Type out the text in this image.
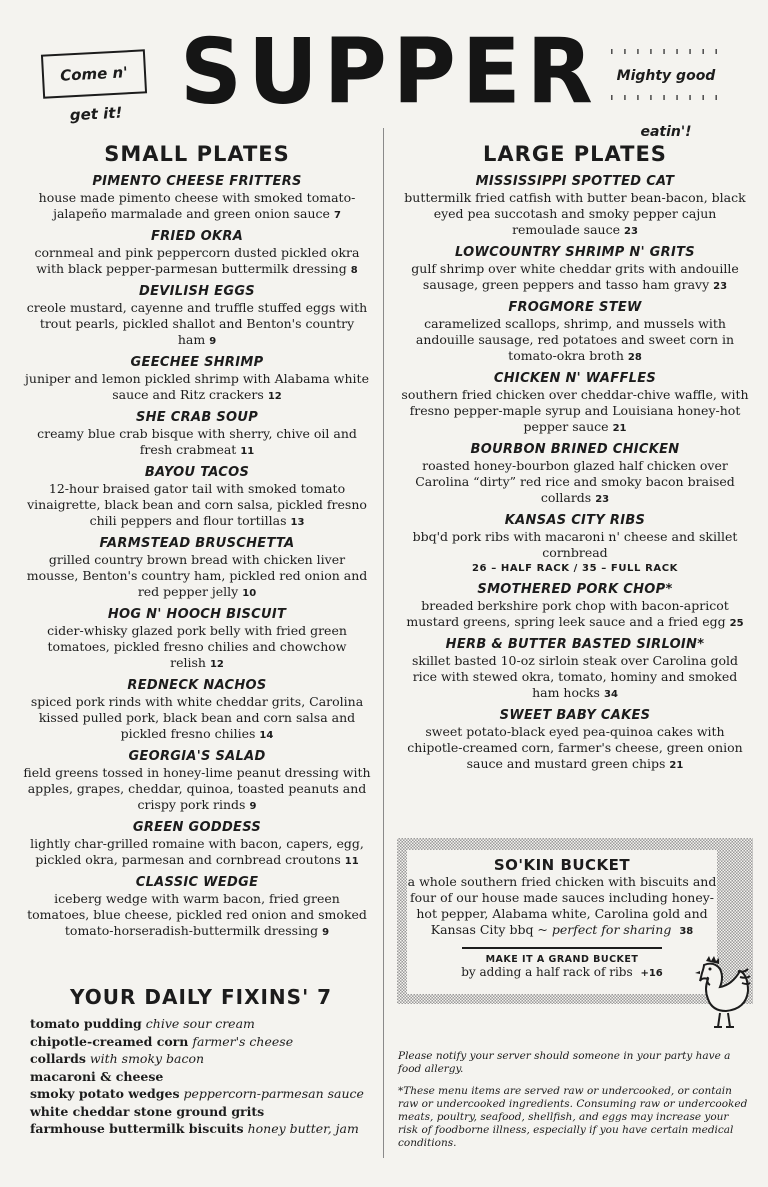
Come n' get it! SUPPER
I I I I I I I I I	Mighty good eatin'! I I I I I I I I I
SMALL PLATES
PIMENTO CHEESE FRITTERS
house made pimento cheese with smoked tomato-jalapeño marmalade and green onion sauce 7
FRIED OKRA
cornmeal and pink peppercorn dusted pickled okra with black pepper-parmesan buttermilk dressing 8
DEVILISH EGGS
creole mustard, cayenne and truffle stuffed eggs with trout pearls, pickled shallot and Benton's country ham 9
GEECHEE SHRIMP
juniper and lemon pickled shrimp with Alabama white sauce and Ritz crackers 12
SHE CRAB SOUP
creamy blue crab bisque with sherry, chive oil and fresh crabmeat 11
BAYOU TACOS
12-hour braised gator tail with smoked tomato vinaigrette, black bean and corn salsa, pickled fresno chili peppers and flour tortillas 13
FARMSTEAD BRUSCHETTA
grilled country brown bread with chicken liver mousse, Benton's country ham, pickled red onion and red pepper jelly 10
HOG N' HOOCH BISCUIT
cider-whisky glazed pork belly with fried green tomatoes, pickled fresno chilies and chowchow relish 12
REDNECK NACHOS
spiced pork rinds with white cheddar grits, Carolina kissed pulled pork, black bean and corn salsa and pickled fresno chilies 14
GEORGIA'S SALAD
field greens tossed in honey-lime peanut dressing with apples, grapes, cheddar, quinoa, toasted peanuts and crispy pork rinds 9
GREEN GODDESS
lightly char-grilled romaine with bacon, capers, egg, pickled okra, parmesan and cornbread croutons 11
CLASSIC WEDGE
iceberg wedge with warm bacon, fried green tomatoes, blue cheese, pickled red onion and smoked tomato-horseradish-buttermilk dressing 9
LARGE PLATES
MISSISSIPPI SPOTTED CAT
buttermilk fried catfish with butter bean-bacon, black eyed pea succotash and smoky pepper cajun remoulade sauce 23
LOWCOUNTRY SHRIMP N' GRITS
gulf shrimp over white cheddar grits with andouille sausage, green peppers and tasso ham gravy 23
FROGMORE STEW
caramelized scallops, shrimp, and mussels with andouille sausage, red potatoes and sweet corn in tomato-okra broth 28
CHICKEN N' WAFFLES
southern fried chicken over cheddar-chive waffle, with fresno pepper-maple syrup and Louisiana honey-hot pepper sauce 21
BOURBON BRINED CHICKEN
roasted honey-bourbon glazed half chicken over Carolina “dirty” red rice and smoky bacon braised collards 23
KANSAS CITY RIBS
bbq'd pork ribs with macaroni n' cheese and skillet cornbread
26 – HALF RACK / 35 – FULL RACK
SMOTHERED PORK CHOP*
breaded berkshire pork chop with bacon-apricot mustard greens, spring leek sauce and a fried egg 25
HERB & BUTTER BASTED SIRLOIN*
skillet basted 10-oz sirloin steak over Carolina gold rice with stewed okra, tomato, hominy and smoked ham hocks 34
SWEET BABY CAKES
sweet potato-black eyed pea-quinoa cakes with chipotle-creamed corn, farmer's cheese, green onion sauce and mustard green chips 21
YOUR DAILY FIXINS' 7
tomato pudding chive sour cream
chipotle-creamed corn farmer's cheese
collards with smoky bacon
macaroni & cheese
smoky potato wedges peppercorn-parmesan sauce
white cheddar stone ground grits
farmhouse buttermilk biscuits honey butter, jam
SO'KIN BUCKET
a whole southern fried chicken with biscuits and four of our house made sauces including honey-hot pepper, Alabama white, Carolina gold and Kansas City bbq ~ perfect for sharing 38
MAKE IT A GRAND BUCKET
by adding a half rack of ribs +16

Please notify your server should someone in your party have a food allergy.

*These menu items are served raw or undercooked, or contain raw or undercooked ingredients. Consuming raw or undercooked meats, poultry, seafood, shellfish, and eggs may increase your risk of foodborne illness, especially if you have certain medical conditions.
